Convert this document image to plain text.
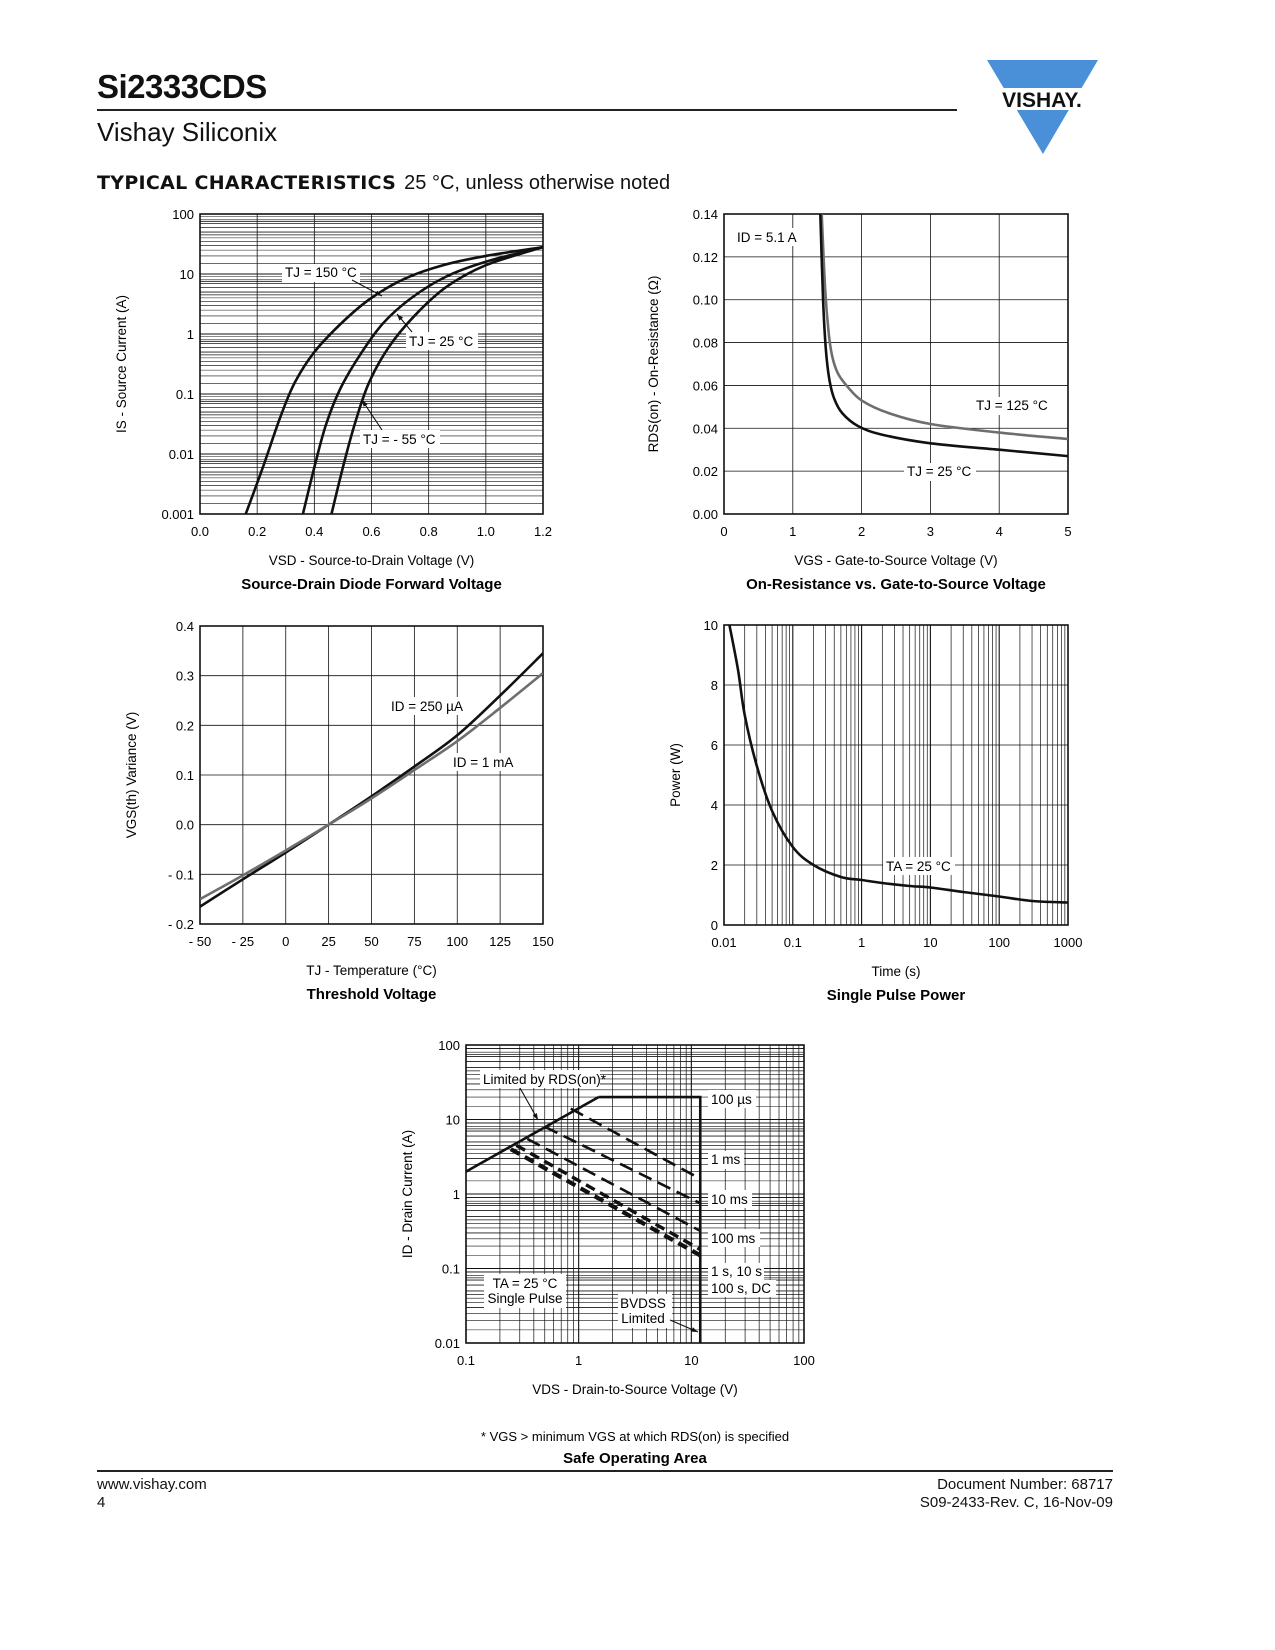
Si2333CDS
Vishay Siliconix
VISHAY.
TYPICAL CHARACTERISTICS 25 °C, unless otherwise noted
0.0	0.2	0.4	0.6	0.8	1.0	1.2
0.001
0.01
0.1
1
10
100
VSD - Source-to-Drain Voltage (V)
IS - Source Current (A)
Source-Drain Diode Forward Voltage
TJ = 150 °C
TJ = 25 °C
TJ = - 55 °C
0	1	2	3	4	5
0.00
0.02
0.04
0.06
0.08
0.10
0.12
0.14
VGS - Gate-to-Source Voltage (V)
RDS(on) - On-Resistance (Ω)
On-Resistance vs. Gate-to-Source Voltage
ID = 5.1 A
TJ = 125 °C
TJ = 25 °C
- 50 - 25 0 25 50 75 100 125 150
- 0.2
- 0.1
0.0
0.1
0.2
0.3
0.4
TJ - Temperature (°C)
VGS(th) Variance (V)
Threshold Voltage
ID = 250 µA
ID = 1 mA
0.01	0.1	1	10	100	1000
0
2
4
6
8
10
Time (s)
Power (W)
Single Pulse Power
TA = 25 °C
0.1	1	10	100
0.01
0.1
1
10
100
VDS - Drain-to-Source Voltage (V)
ID - Drain Current (A)
Safe Operating Area
Limited by RDS(on)*
100 µs
1 ms
10 ms
100 ms
1 s, 10 s
100 s, DC
TA = 25 °C
Single Pulse	BVDSS
Limited
* VGS > minimum VGS at which RDS(on) is specified
www.vishay.com
4
Document Number: 68717
S09-2433-Rev. C, 16-Nov-09
